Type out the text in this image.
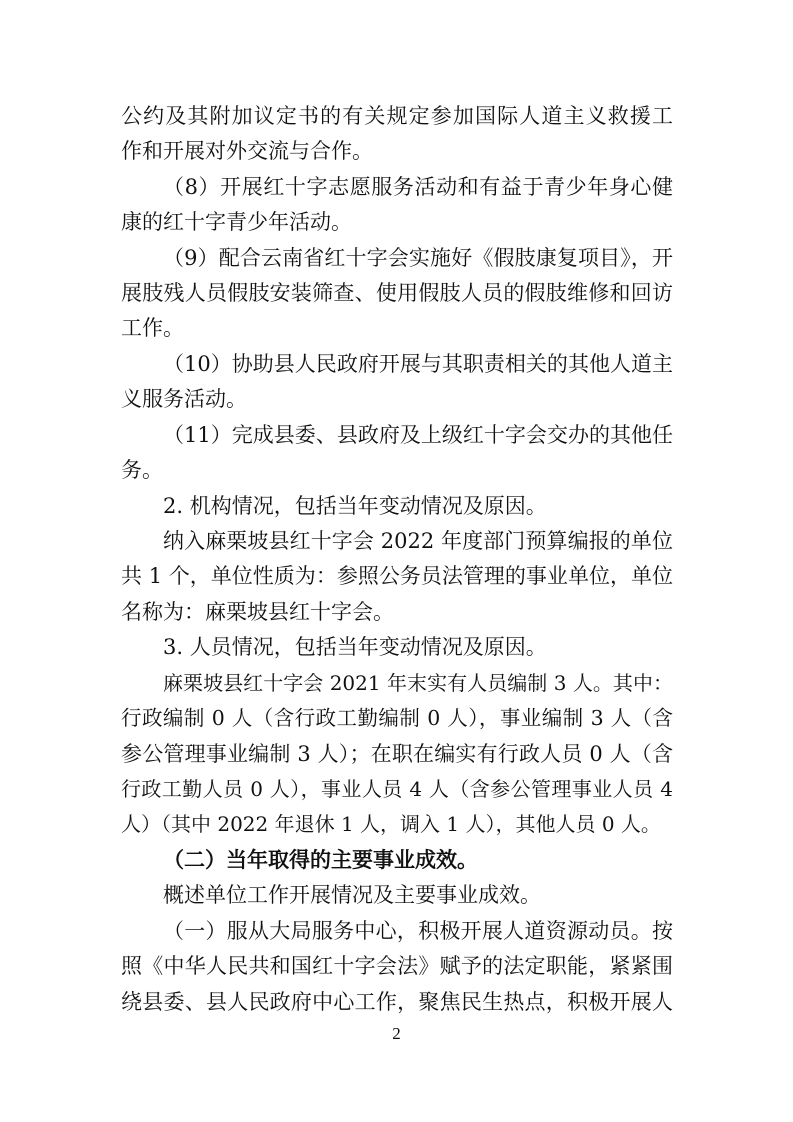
公约及其附加议定书的有关规定参加国际人道主义救援工
作和开展对外交流与合作。
（8）开展红十字志愿服务活动和有益于青少年身心健
康的红十字青少年活动。
（9）配合云南省红十字会实施好《假肢康复项目》，开
展肢残人员假肢安装筛查、使用假肢人员的假肢维修和回访
工作。
（10）协助县人民政府开展与其职责相关的其他人道主
义服务活动。
（11）完成县委、县政府及上级红十字会交办的其他任
务。
2. 机构情况，包括当年变动情况及原因。
纳入麻栗坡县红十字会 2022 年度部门预算编报的单位
共 1 个，单位性质为：参照公务员法管理的事业单位，单位
名称为：麻栗坡县红十字会。
3. 人员情况，包括当年变动情况及原因。
麻栗坡县红十字会 2021 年末实有人员编制 3 人。其中：
行政编制 0 人（含行政工勤编制 0 人），事业编制 3 人（含
参公管理事业编制 3 人）；在职在编实有行政人员 0 人（含
行政工勤人员 0 人），事业人员 4 人（含参公管理事业人员 4
人）（其中 2022 年退休 1 人，调入 1 人），其他人员 0 人。
（二）当年取得的主要事业成效。
概述单位工作开展情况及主要事业成效。
（一）服从大局服务中心，积极开展人道资源动员。按
照《中华人民共和国红十字会法》赋予的法定职能，紧紧围
绕县委、县人民政府中心工作，聚焦民生热点，积极开展人
2
